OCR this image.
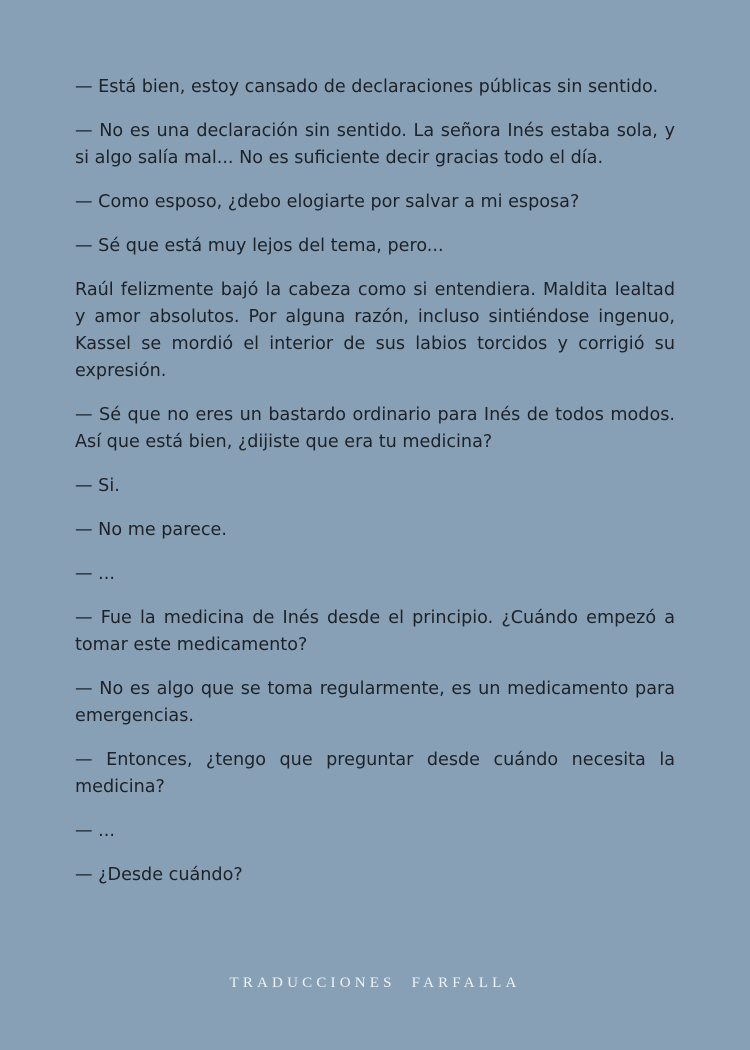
— Está bien, estoy cansado de declaraciones públicas sin sentido.

— No es una declaración sin sentido. La señora Inés estaba sola, y si algo salía mal... No es suficiente decir gracias todo el día.

— Como esposo, ¿debo elogiarte por salvar a mi esposa?

— Sé que está muy lejos del tema, pero...

Raúl felizmente bajó la cabeza como si entendiera. Maldita lealtad y amor absolutos. Por alguna razón, incluso sintiéndose ingenuo, Kassel se mordió el interior de sus labios torcidos y corrigió su expresión.

— Sé que no eres un bastardo ordinario para Inés de todos modos. Así que está bien, ¿dijiste que era tu medicina?

— Si.

— No me parece.

— ...

— Fue la medicina de Inés desde el principio. ¿Cuándo empezó a tomar este medicamento?

— No es algo que se toma regularmente, es un medicamento para emergencias.

— Entonces, ¿tengo que preguntar desde cuándo necesita la medicina?

— ...

— ¿Desde cuándo?

TRADUCCIONES FARFALLA
